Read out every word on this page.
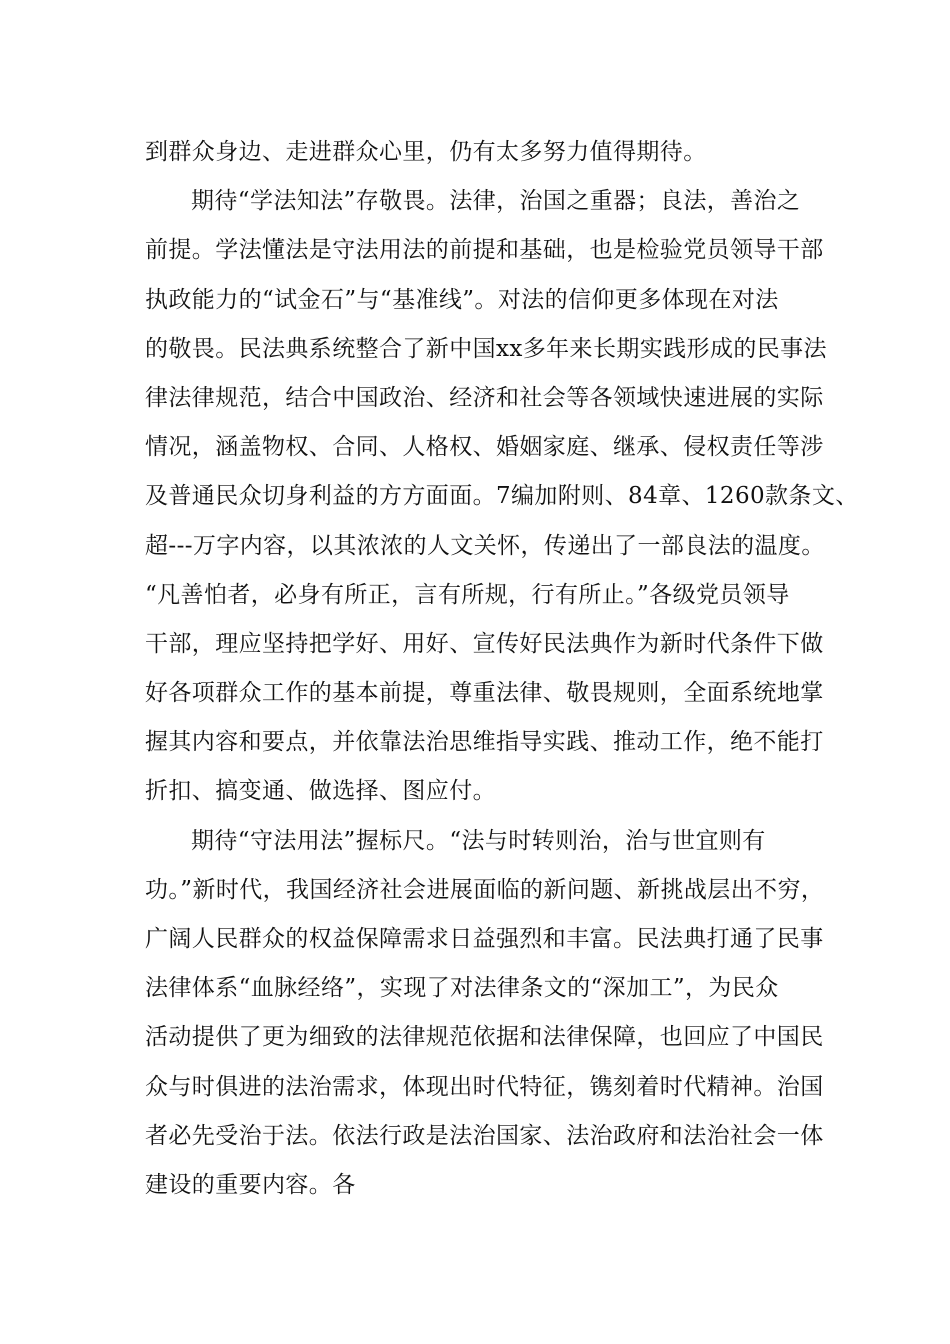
到群众身边、走进群众心里，仍有太多努力值得期待。
期待“学法知法”存敬畏。法律，治国之重器；良法，善治之
前提。学法懂法是守法用法的前提和基础，也是检验党员领导干部
执政能力的“试金石”与“基准线”。对法的信仰更多体现在对法
的敬畏。民法典系统整合了新中国xx多年来长期实践形成的民事法
律法律规范，结合中国政治、经济和社会等各领域快速进展的实际
情况，涵盖物权、合同、人格权、婚姻家庭、继承、侵权责任等涉
及普通民众切身利益的方方面面。7编加附则、84章、1260款条文、
超---万字内容，以其浓浓的人文关怀，传递出了一部良法的温度。
“凡善怕者，必身有所正，言有所规，行有所止。”各级党员领导
干部，理应坚持把学好、用好、宣传好民法典作为新时代条件下做
好各项群众工作的基本前提，尊重法律、敬畏规则，全面系统地掌
握其内容和要点，并依靠法治思维指导实践、推动工作，绝不能打
折扣、搞变通、做选择、图应付。
期待“守法用法”握标尺。“法与时转则治，治与世宜则有
功。”新时代，我国经济社会进展面临的新问题、新挑战层出不穷，
广阔人民群众的权益保障需求日益强烈和丰富。民法典打通了民事
法律体系“血脉经络”，实现了对法律条文的“深加工”，为民众
活动提供了更为细致的法律规范依据和法律保障，也回应了中国民
众与时俱进的法治需求，体现出时代特征，镌刻着时代精神。治国
者必先受治于法。依法行政是法治国家、法治政府和法治社会一体
建设的重要内容。各
